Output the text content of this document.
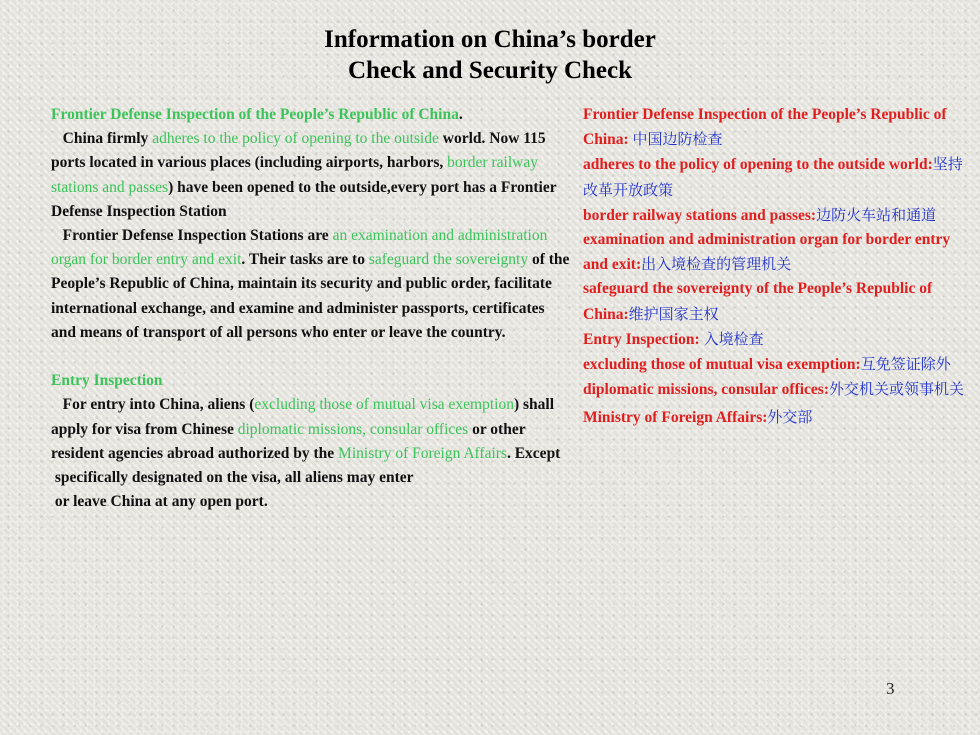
Information on China’s border
Check and Security Check

Frontier Defense Inspection of the People’s Republic of China.

China firmly adheres to the policy of opening to the outside world. Now 115 ports located in various places (including airports, harbors, border railway stations and passes) have been opened to the outside,every port has a Frontier Defense Inspection Station

Frontier Defense Inspection Stations are an examination and administration organ for border entry and exit. Their tasks are to safeguard the sovereignty of the People’s Republic of China, maintain its security and public order, facilitate international exchange, and examine and administer passports, certificates and means of transport of all persons who enter or leave the country.

Entry Inspection

For entry into China, aliens (excluding those of mutual visa exemption) shall apply for visa from Chinese diplomatic missions, consular offices or other resident agencies abroad authorized by the Ministry of Foreign Affairs. Except

specifically designated on the visa, all aliens may enter

or leave China at any open port.

Frontier Defense Inspection of the People’s Republic of China: 中国边防检查

adheres to the policy of opening to the outside world:坚持改革开放政策

border railway stations and passes:边防火车站和通道

examination and administration organ for border entry and exit:出入境检查的管理机关

safeguard the sovereignty of the People’s Republic of China:维护国家主权

Entry Inspection: 入境检查

excluding those of mutual visa exemption:互免签证除外

diplomatic missions, consular offices:外交机关或领事机关

Ministry of Foreign Affairs:外交部

3
